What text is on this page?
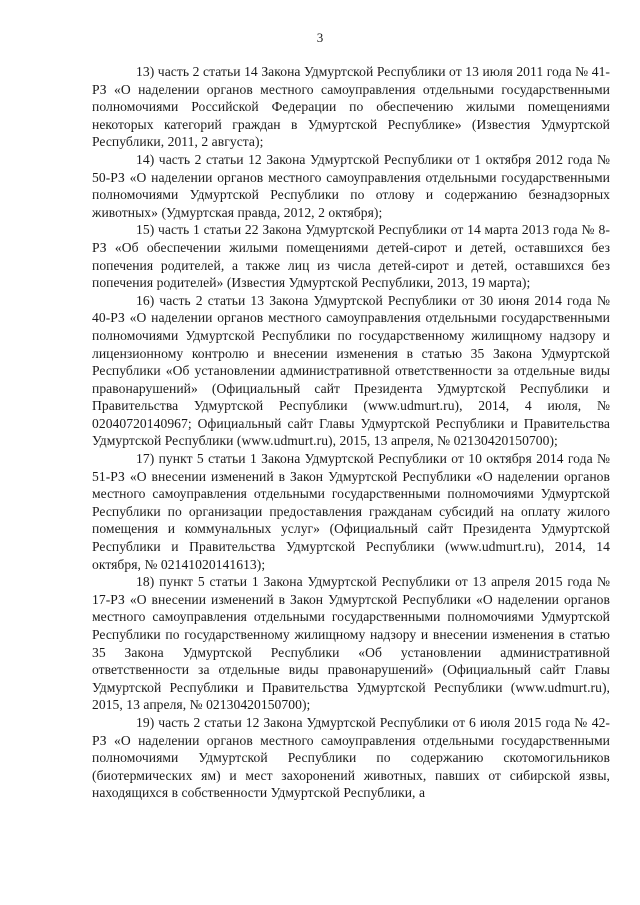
3

13) часть 2 статьи 14 Закона Удмуртской Республики от 13 июля 2011 года № 41-РЗ «О наделении органов местного самоуправления отдельными государственными полномочиями Российской Федерации по обеспечению жилыми помещениями некоторых категорий граждан в Удмуртской Республике» (Известия Удмуртской Республики, 2011, 2 августа);

14) часть 2 статьи 12 Закона Удмуртской Республики от 1 октября 2012 года № 50-РЗ «О наделении органов местного самоуправления отдельными государственными полномочиями Удмуртской Республики по отлову и содержанию безнадзорных животных» (Удмуртская правда, 2012, 2 октября);

15) часть 1 статьи 22 Закона Удмуртской Республики от 14 марта 2013 года № 8-РЗ «Об обеспечении жилыми помещениями детей-сирот и детей, оставшихся без попечения родителей, а также лиц из числа детей-сирот и детей, оставшихся без попечения родителей» (Известия Удмуртской Республики, 2013, 19 марта);

16) часть 2 статьи 13 Закона Удмуртской Республики от 30 июня 2014 года № 40-РЗ «О наделении органов местного самоуправления отдельными государственными полномочиями Удмуртской Республики по государственному жилищному надзору и лицензионному контролю и внесении изменения в статью 35 Закона Удмуртской Республики «Об установлении административной ответственности за отдельные виды правонарушений» (Официальный сайт Президента Удмуртской Республики и Правительства Удмуртской Республики (www.udmurt.ru), 2014, 4 июля, № 02040720140967; Официальный сайт Главы Удмуртской Республики и Правительства Удмуртской Республики (www.udmurt.ru), 2015, 13 апреля, № 02130420150700);

17) пункт 5 статьи 1 Закона Удмуртской Республики от 10 октября 2014 года № 51-РЗ «О внесении изменений в Закон Удмуртской Республики «О наделении органов местного самоуправления отдельными государственными полномочиями Удмуртской Республики по организации предоставления гражданам субсидий на оплату жилого помещения и коммунальных услуг» (Официальный сайт Президента Удмуртской Республики и Правительства Удмуртской Республики (www.udmurt.ru), 2014, 14 октября, № 02141020141613);

18) пункт 5 статьи 1 Закона Удмуртской Республики от 13 апреля 2015 года № 17-РЗ «О внесении изменений в Закон Удмуртской Республики «О наделении органов местного самоуправления отдельными государственными полномочиями Удмуртской Республики по государственному жилищному надзору и внесении изменения в статью 35 Закона Удмуртской Республики «Об установлении административной ответственности за отдельные виды правонарушений» (Официальный сайт Главы Удмуртской Республики и Правительства Удмуртской Республики (www.udmurt.ru), 2015, 13 апреля, № 02130420150700);

19) часть 2 статьи 12 Закона Удмуртской Республики от 6 июля 2015 года № 42-РЗ «О наделении органов местного самоуправления отдельными государственными полномочиями Удмуртской Республики по содержанию скотомогильников (биотермических ям) и мест захоронений животных, павших от сибирской язвы, находящихся в собственности Удмуртской Республики, а
